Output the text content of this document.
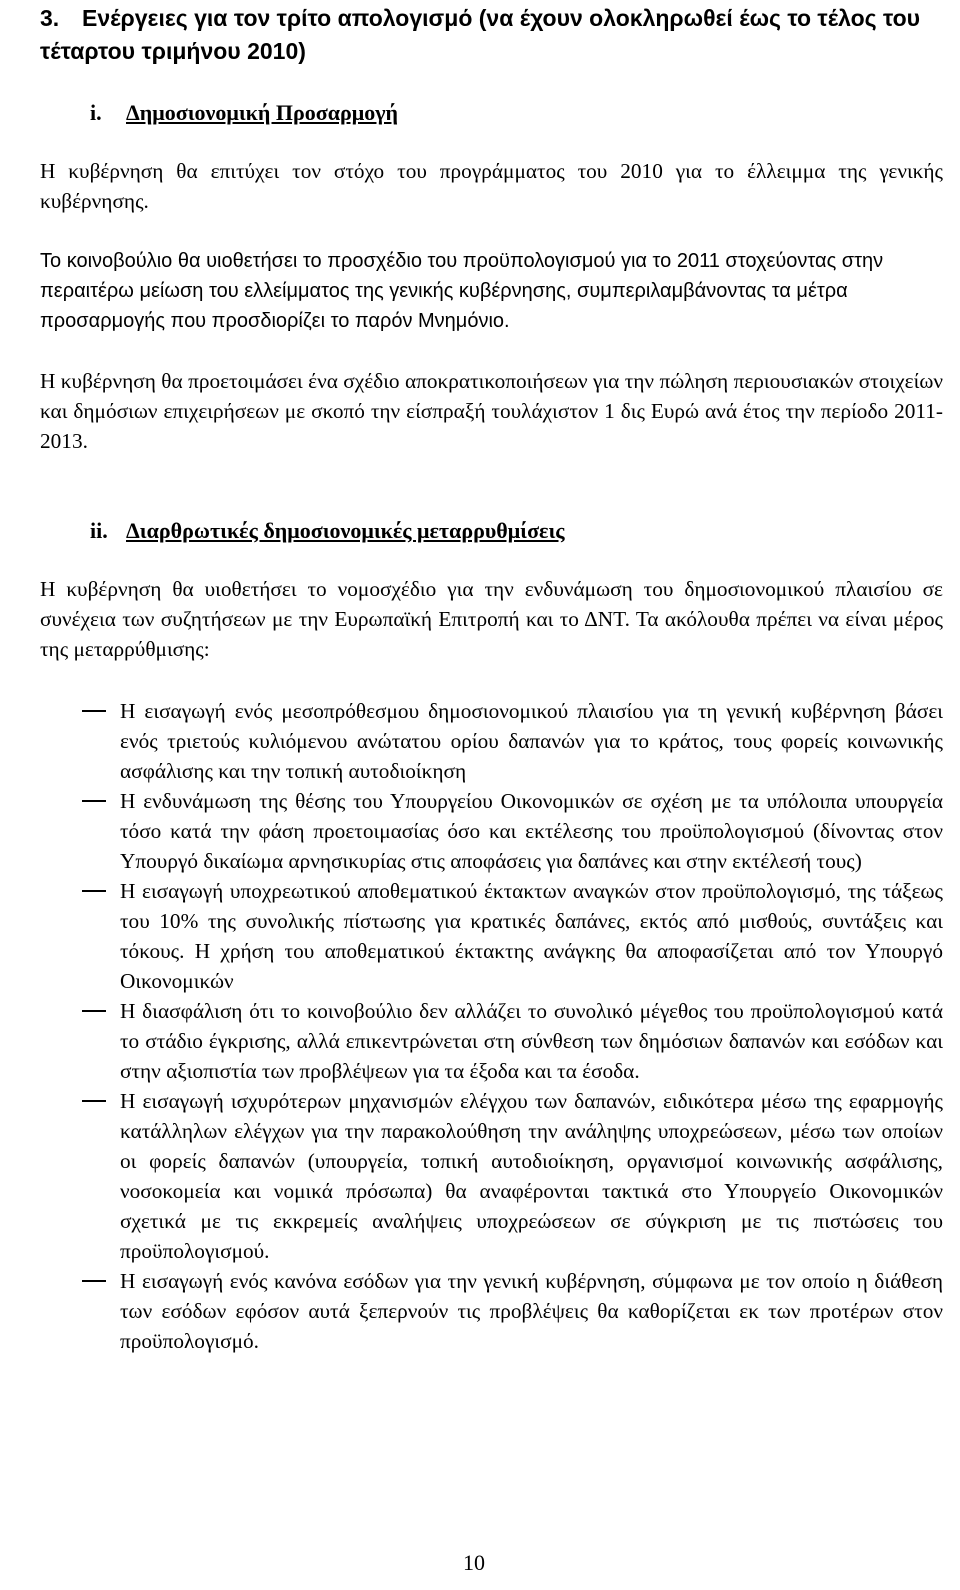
3. Ενέργειες για τον τρίτο απολογισμό (να έχουν ολοκληρωθεί έως το τέλος του τέταρτου τριμήνου 2010)
i. Δημοσιονομική Προσαρμογή

Η κυβέρνηση θα επιτύχει τον στόχο του προγράμματος του 2010 για το έλλειμμα της γενικής κυβέρνησης.

Το κοινοβούλιο θα υιοθετήσει το προσχέδιο του προϋπολογισμού για το 2011 στοχεύοντας στην περαιτέρω μείωση του ελλείμματος της γενικής κυβέρνησης, συμπεριλαμβάνοντας τα μέτρα προσαρμογής που προσδιορίζει το παρόν Μνημόνιο.

Η κυβέρνηση θα προετοιμάσει ένα σχέδιο αποκρατικοποιήσεων για την πώληση περιουσιακών στοιχείων και δημόσιων επιχειρήσεων με σκοπό την είσπραξή τουλάχιστον 1 δις Ευρώ ανά έτος την περίοδο 2011-2013.

ii. Διαρθρωτικές δημοσιονομικές μεταρρυθμίσεις

Η κυβέρνηση θα υιοθετήσει το νομοσχέδιο για την ενδυνάμωση του δημοσιονομικού πλαισίου σε συνέχεια των συζητήσεων με την Ευρωπαϊκή Επιτροπή και το ΔΝΤ. Τα ακόλουθα πρέπει να είναι μέρος της μεταρρύθμισης:

Η εισαγωγή ενός μεσοπρόθεσμου δημοσιονομικού πλαισίου για τη γενική κυβέρνηση βάσει ενός τριετούς κυλιόμενου ανώτατου ορίου δαπανών για το κράτος, τους φορείς κοινωνικής ασφάλισης και την τοπική αυτοδιοίκηση
Η ενδυνάμωση της θέσης του Υπουργείου Οικονομικών σε σχέση με τα υπόλοιπα υπουργεία τόσο κατά την φάση προετοιμασίας όσο και εκτέλεσης του προϋπολογισμού (δίνοντας στον Υπουργό δικαίωμα αρνησικυρίας στις αποφάσεις για δαπάνες και στην εκτέλεσή τους)
Η εισαγωγή υποχρεωτικού αποθεματικού έκτακτων αναγκών στον προϋπολογισμό, της τάξεως του 10% της συνολικής πίστωσης για κρατικές δαπάνες, εκτός από μισθούς, συντάξεις και τόκους. Η χρήση του αποθεματικού έκτακτης ανάγκης θα αποφασίζεται από τον Υπουργό Οικονομικών
Η διασφάλιση ότι το κοινοβούλιο δεν αλλάζει το συνολικό μέγεθος του προϋπολογισμού κατά το στάδιο έγκρισης, αλλά επικεντρώνεται στη σύνθεση των δημόσιων δαπανών και εσόδων και στην αξιοπιστία των προβλέψεων για τα έξοδα και τα έσοδα.
Η εισαγωγή ισχυρότερων μηχανισμών ελέγχου των δαπανών, ειδικότερα μέσω της εφαρμογής κατάλληλων ελέγχων για την παρακολούθηση την ανάληψης υποχρεώσεων, μέσω των οποίων οι φορείς δαπανών (υπουργεία, τοπική αυτοδιοίκηση, οργανισμοί κοινωνικής ασφάλισης, νοσοκομεία και νομικά πρόσωπα) θα αναφέρονται τακτικά στο Υπουργείο Οικονομικών σχετικά με τις εκκρεμείς αναλήψεις υποχρεώσεων σε σύγκριση με τις πιστώσεις του προϋπολογισμού.
Η εισαγωγή ενός κανόνα εσόδων για την γενική κυβέρνηση, σύμφωνα με τον οποίο η διάθεση των εσόδων εφόσον αυτά ξεπερνούν τις προβλέψεις θα καθορίζεται εκ των προτέρων στον προϋπολογισμό.
10
